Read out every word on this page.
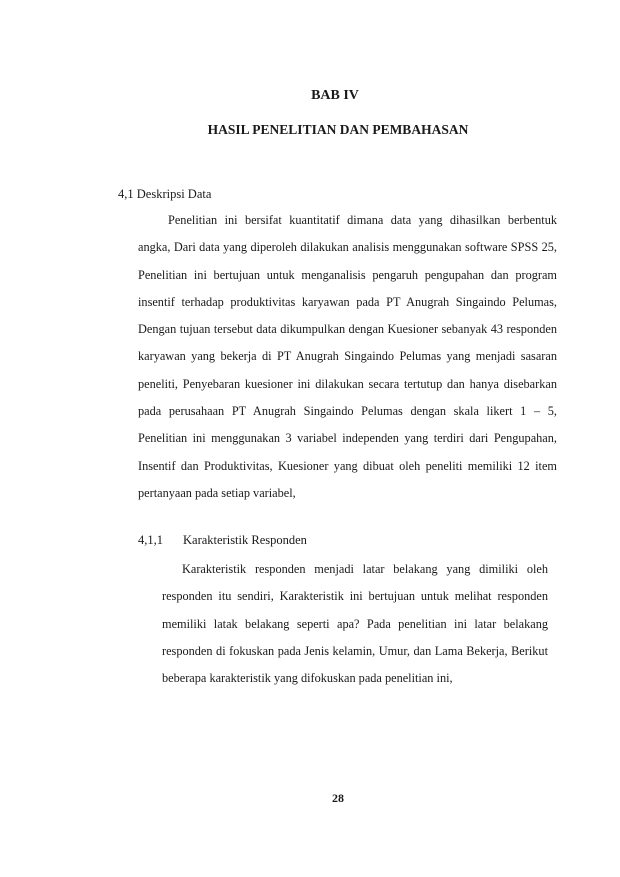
BAB IV
HASIL PENELITIAN DAN PEMBAHASAN
4,1 Deskripsi Data

Penelitian ini bersifat kuantitatif dimana data yang dihasilkan berbentuk angka, Dari data yang diperoleh dilakukan analisis menggunakan software SPSS 25, Penelitian ini bertujuan untuk menganalisis pengaruh pengupahan dan program insentif terhadap produktivitas karyawan pada PT Anugrah Singaindo Pelumas, Dengan tujuan tersebut data dikumpulkan dengan Kuesioner sebanyak 43 responden karyawan yang bekerja di PT Anugrah Singaindo Pelumas yang menjadi sasaran peneliti, Penyebaran kuesioner ini dilakukan secara tertutup dan hanya disebarkan pada perusahaan PT Anugrah Singaindo Pelumas dengan skala likert 1 – 5, Penelitian ini menggunakan 3 variabel independen yang terdiri dari Pengupahan, Insentif dan Produktivitas, Kuesioner yang dibuat oleh peneliti memiliki 12 item pertanyaan pada setiap variabel,

4,1,1 Karakteristik Responden

Karakteristik responden menjadi latar belakang yang dimiliki oleh responden itu sendiri, Karakteristik ini bertujuan untuk melihat responden memiliki latak belakang seperti apa? Pada penelitian ini latar belakang responden di fokuskan pada Jenis kelamin, Umur, dan Lama Bekerja, Berikut beberapa karakteristik yang difokuskan pada penelitian ini,

28
